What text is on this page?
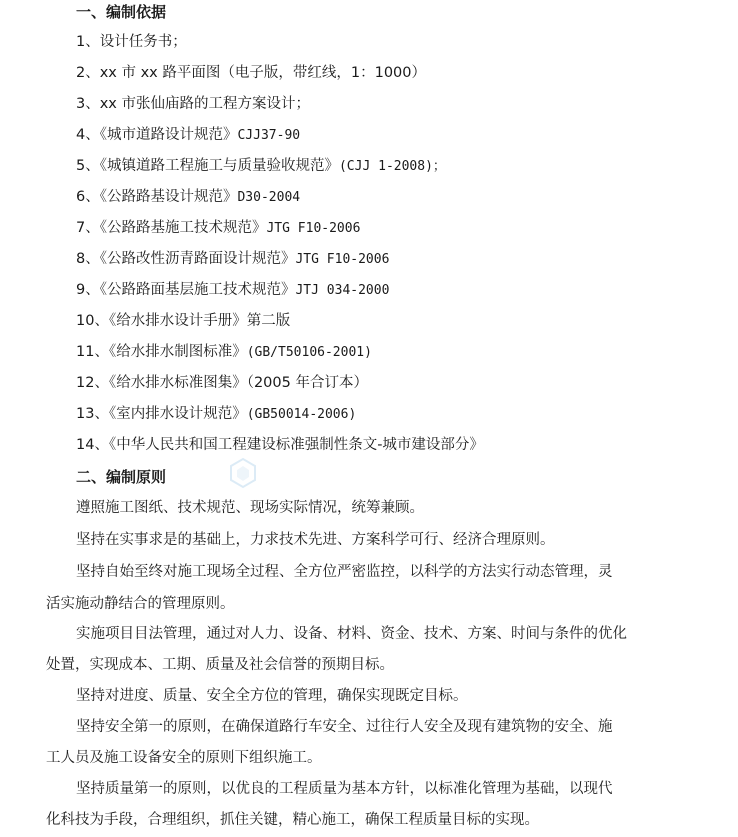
一、编制依据
1、设计任务书；
2、xx 市 xx 路平面图（电子版，带红线，1：1000）
3、xx 市张仙庙路的工程方案设计；
4、《城市道路设计规范》CJJ37-90
5、《城镇道路工程施工与质量验收规范》(CJJ 1-2008)；
6、《公路路基设计规范》D30-2004
7、《公路路基施工技术规范》JTG F10-2006
8、《公路改性沥青路面设计规范》JTG F10-2006
9、《公路路面基层施工技术规范》JTJ 034-2000
10、《给水排水设计手册》第二版
11、《给水排水制图标准》(GB/T50106-2001)
12、《给水排水标准图集》（2005 年合订本）
13、《室内排水设计规范》(GB50014-2006)
14、《中华人民共和国工程建设标准强制性条文-城市建设部分》
二、编制原则
遵照施工图纸、技术规范、现场实际情况，统筹兼顾。
坚持在实事求是的基础上，力求技术先进、方案科学可行、经济合理原则。
坚持自始至终对施工现场全过程、全方位严密监控，以科学的方法实行动态管理，灵
活实施动静结合的管理原则。
实施项目目法管理，通过对人力、设备、材料、资金、技术、方案、时间与条件的优化
处置，实现成本、工期、质量及社会信誉的预期目标。
坚持对进度、质量、安全全方位的管理，确保实现既定目标。
坚持安全第一的原则，在确保道路行车安全、过往行人安全及现有建筑物的安全、施
工人员及施工设备安全的原则下组织施工。
坚持质量第一的原则，以优良的工程质量为基本方针，以标准化管理为基础，以现代
化科技为手段，合理组织，抓住关键，精心施工，确保工程质量目标的实现。
